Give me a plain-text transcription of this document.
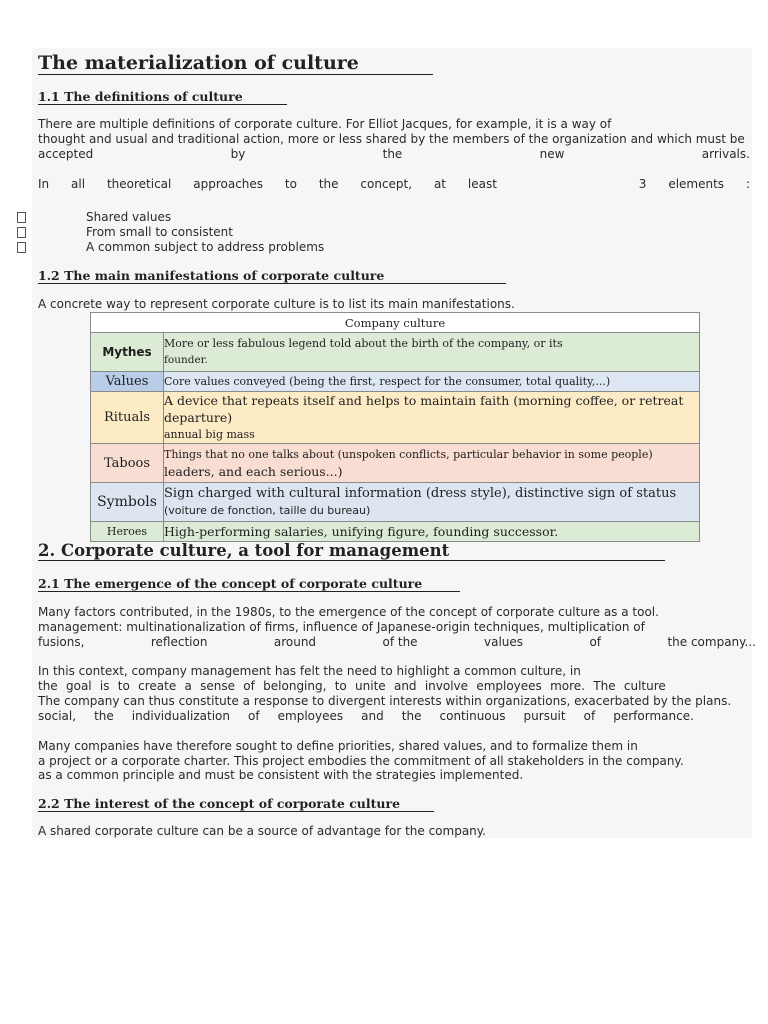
The materialization of culture
1.1 The definitions of culture
There are multiple definitions of corporate culture. For Elliot Jacques, for example, it is a way of
thought and usual and traditional action, more or less shared by the members of the organization and which must be
accepted	by	the	new	arrivals.
In all theoretical approaches to the concept, at least	3 elements :
Shared values
From small to consistent
A common subject to address problems
1.2 The main manifestations of corporate culture
A concrete way to represent corporate culture is to list its main manifestations.
Company culture	
Mythes	More or less fabulous legend told about the birth of the company, or its
founder.

Values	Core values conveyed (being the first, respect for the consumer, total quality,...)

Rituals	A device that repeats itself and helps to maintain faith (morning coffee, or retreat departure)
annual big mass

Taboos	Things that no one talks about (unspoken conflicts, particular behavior in some people)
leaders, and each serious...)

Symbols	Sign charged with cultural information (dress style), distinctive sign of status
(voiture de fonction, taille du bureau)

Heroes	High-performing salaries, unifying figure, founding successor.
2. Corporate culture, a tool for management
2.1 The emergence of the concept of corporate culture
Many factors contributed, in the 1980s, to the emergence of the concept of corporate culture as a tool.
management: multinationalization of firms, influence of Japanese-origin techniques, multiplication of
fusions,	reflection	around	of the	values	of	the company...
In this context, company management has felt the need to highlight a common culture, in
the goal is to create a sense of belonging, to unite and involve employees more. The culture
The company can thus constitute a response to divergent interests within organizations, exacerbated by the plans.
social, the individualization of employees and the continuous pursuit of performance.
Many companies have therefore sought to define priorities, shared values, and to formalize them in
a project or a corporate charter. This project embodies the commitment of all stakeholders in the company.
as a common principle and must be consistent with the strategies implemented.
2.2 The interest of the concept of corporate culture
A shared corporate culture can be a source of advantage for the company.
